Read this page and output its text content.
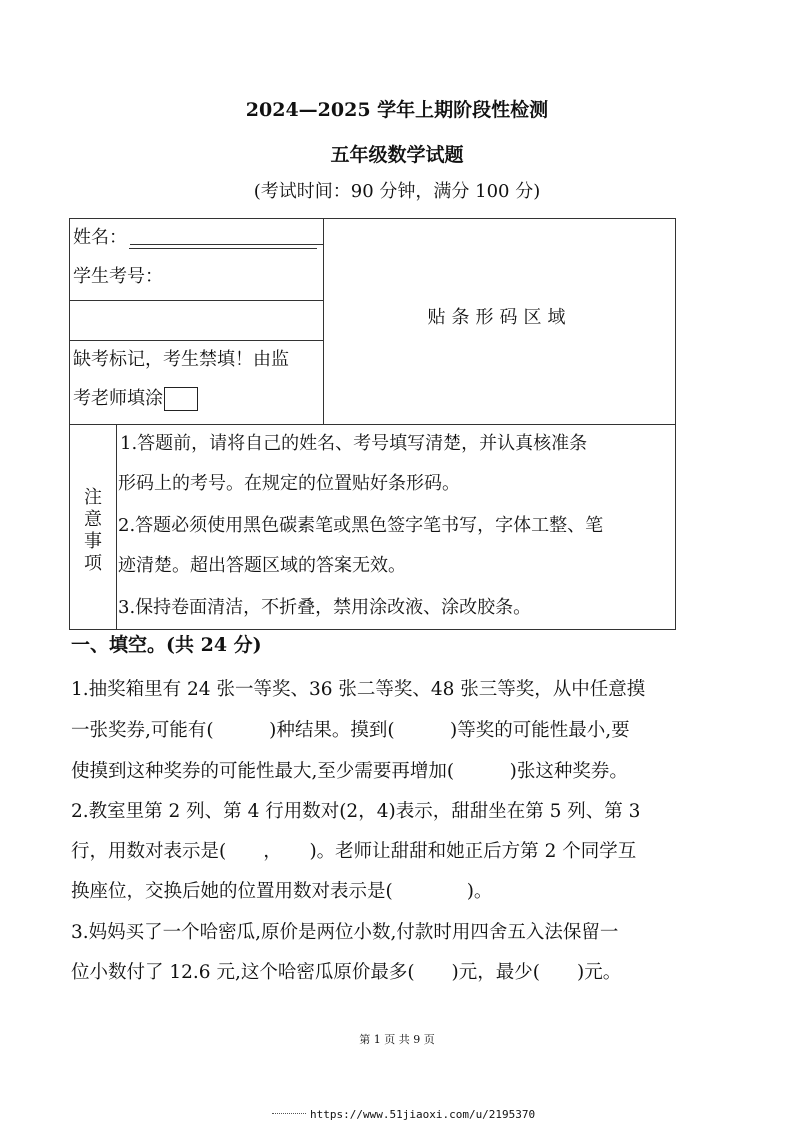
2024—2025 学年上期阶段性检测
五年级数学试题
(考试时间：90 分钟，满分 100 分)
姓名：
学生考号：
缺考标记，考生禁填！由监
考老师填涂
贴条形码区域
注
意
事
项
1.答题前，请将自己的姓名、考号填写清楚，并认真核准条
形码上的考号。在规定的位置贴好条形码。
2.答题必须使用黑色碳素笔或黑色签字笔书写，字体工整、笔
迹清楚。超出答题区域的答案无效。
3.保持卷面清洁，不折叠，禁用涂改液、涂改胶条。
一、填空。(共 24 分)
1.抽奖箱里有 24 张一等奖、36 张二等奖、48 张三等奖，从中任意摸
一张奖券,可能有(　　　)种结果。摸到(　　　)等奖的可能性最小,要
使摸到这种奖券的可能性最大,至少需要再增加(　　　)张这种奖券。
2.教室里第 2 列、第 4 行用数对(2，4)表示，甜甜坐在第 5 列、第 3
行，用数对表示是(　　，　　)。老师让甜甜和她正后方第 2 个同学互
换座位，交换后她的位置用数对表示是(　　　　)。
3.妈妈买了一个哈密瓜,原价是两位小数,付款时用四舍五入法保留一
位小数付了 12.6 元,这个哈密瓜原价最多(　　)元，最少(　　)元。
第 1 页 共 9 页
https://www.51jiaoxi.com/u/2195370
